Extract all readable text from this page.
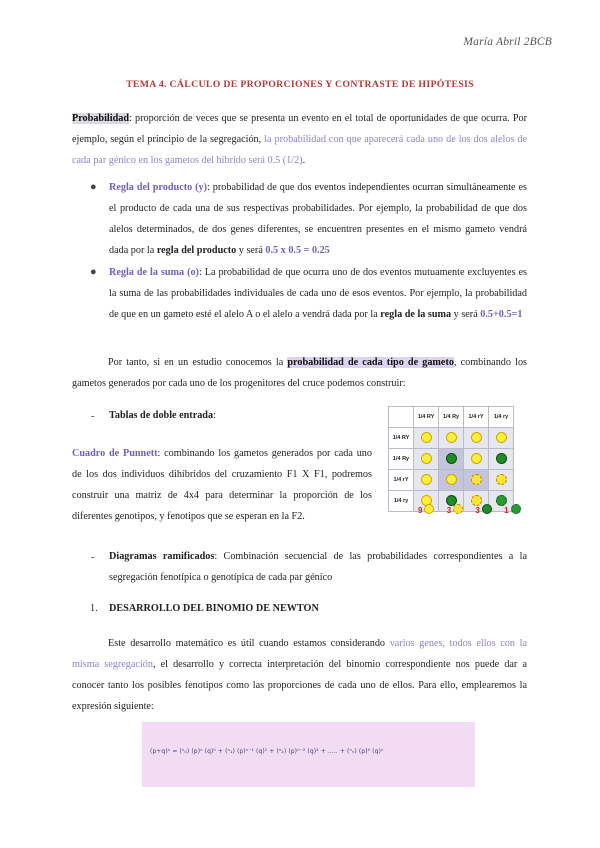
María Abril 2BCB
TEMA 4. CÁLCULO DE PROPORCIONES Y CONTRASTE DE HIPÓTESIS
Probabilidad: proporción de veces que se presenta un evento en el total de oportunidades de que ocurra. Por ejemplo, según el principio de la segregación, la probabilidad con que aparecerá cada uno de los dos alelos de cada par génico en los gametos del híbrido será 0.5 (1/2).
● Regla del producto (y): probabilidad de que dos eventos independientes ocurran simultáneamente es el producto de cada una de sus respectivas probabilidades. Por ejemplo, la probabilidad de que dos alelos determinados, de dos genes diferentes, se encuentren presentes en el mismo gameto vendrá dada por la regla del producto y será 0.5 x 0.5 = 0.25
● Regla de la suma (o): La probabilidad de que ocurra uno de dos eventos mutuamente excluyentes es la suma de las probabilidades individuales de cada uno de esos eventos. Por ejemplo, la probabilidad de que en un gameto esté el alelo A o el alelo a vendrá dada por la regla de la suma y será 0.5+0.5=1
Por tanto, si en un estudio conocemos la probabilidad de cada tipo de gameto, combinando los gametos generados por cada uno de los progenitores del cruce podemos construir:
- Tablas de doble entrada:
Cuadro de Punnett: combinando los gametos generados por cada uno de los dos individuos dihíbridos del cruzamiento F1 X F1, podremos construir una matriz de 4x4 para determinar la proporción de los diferentes genotipos, y fenotipos que se esperan en la F2.
	1/4 RY	1/4 Ry	1/4 rY	1/4 ry
1/4 RY				
1/4 Ry				
1/4 rY				
1/4 ry				
9	3	3	1
- Diagramas ramificados: Combinación secuencial de las probabilidades correspondientes a la segregación fenotípica o genotípica de cada par génico
1. DESARROLLO DEL BINOMIO DE NEWTON
Este desarrollo matemático es útil cuando estamos considerando varios genes, todos ellos con la misma segregación, el desarrollo y correcta interpretación del binomio correspondiente nos puede dar a conocer tanto los posibles fenotipos como las proporciones de cada uno de ellos. Para ello, emplearemos la expresión siguiente:
(p+q)ⁿ = (ⁿ₀) (p)ⁿ (q)⁰ + (ⁿ₁) (p)ⁿ⁻¹ (q)¹ + (ⁿ₂) (p)ⁿ⁻² (q)² + ..... + (ⁿₙ) (p)⁰ (q)ⁿ
